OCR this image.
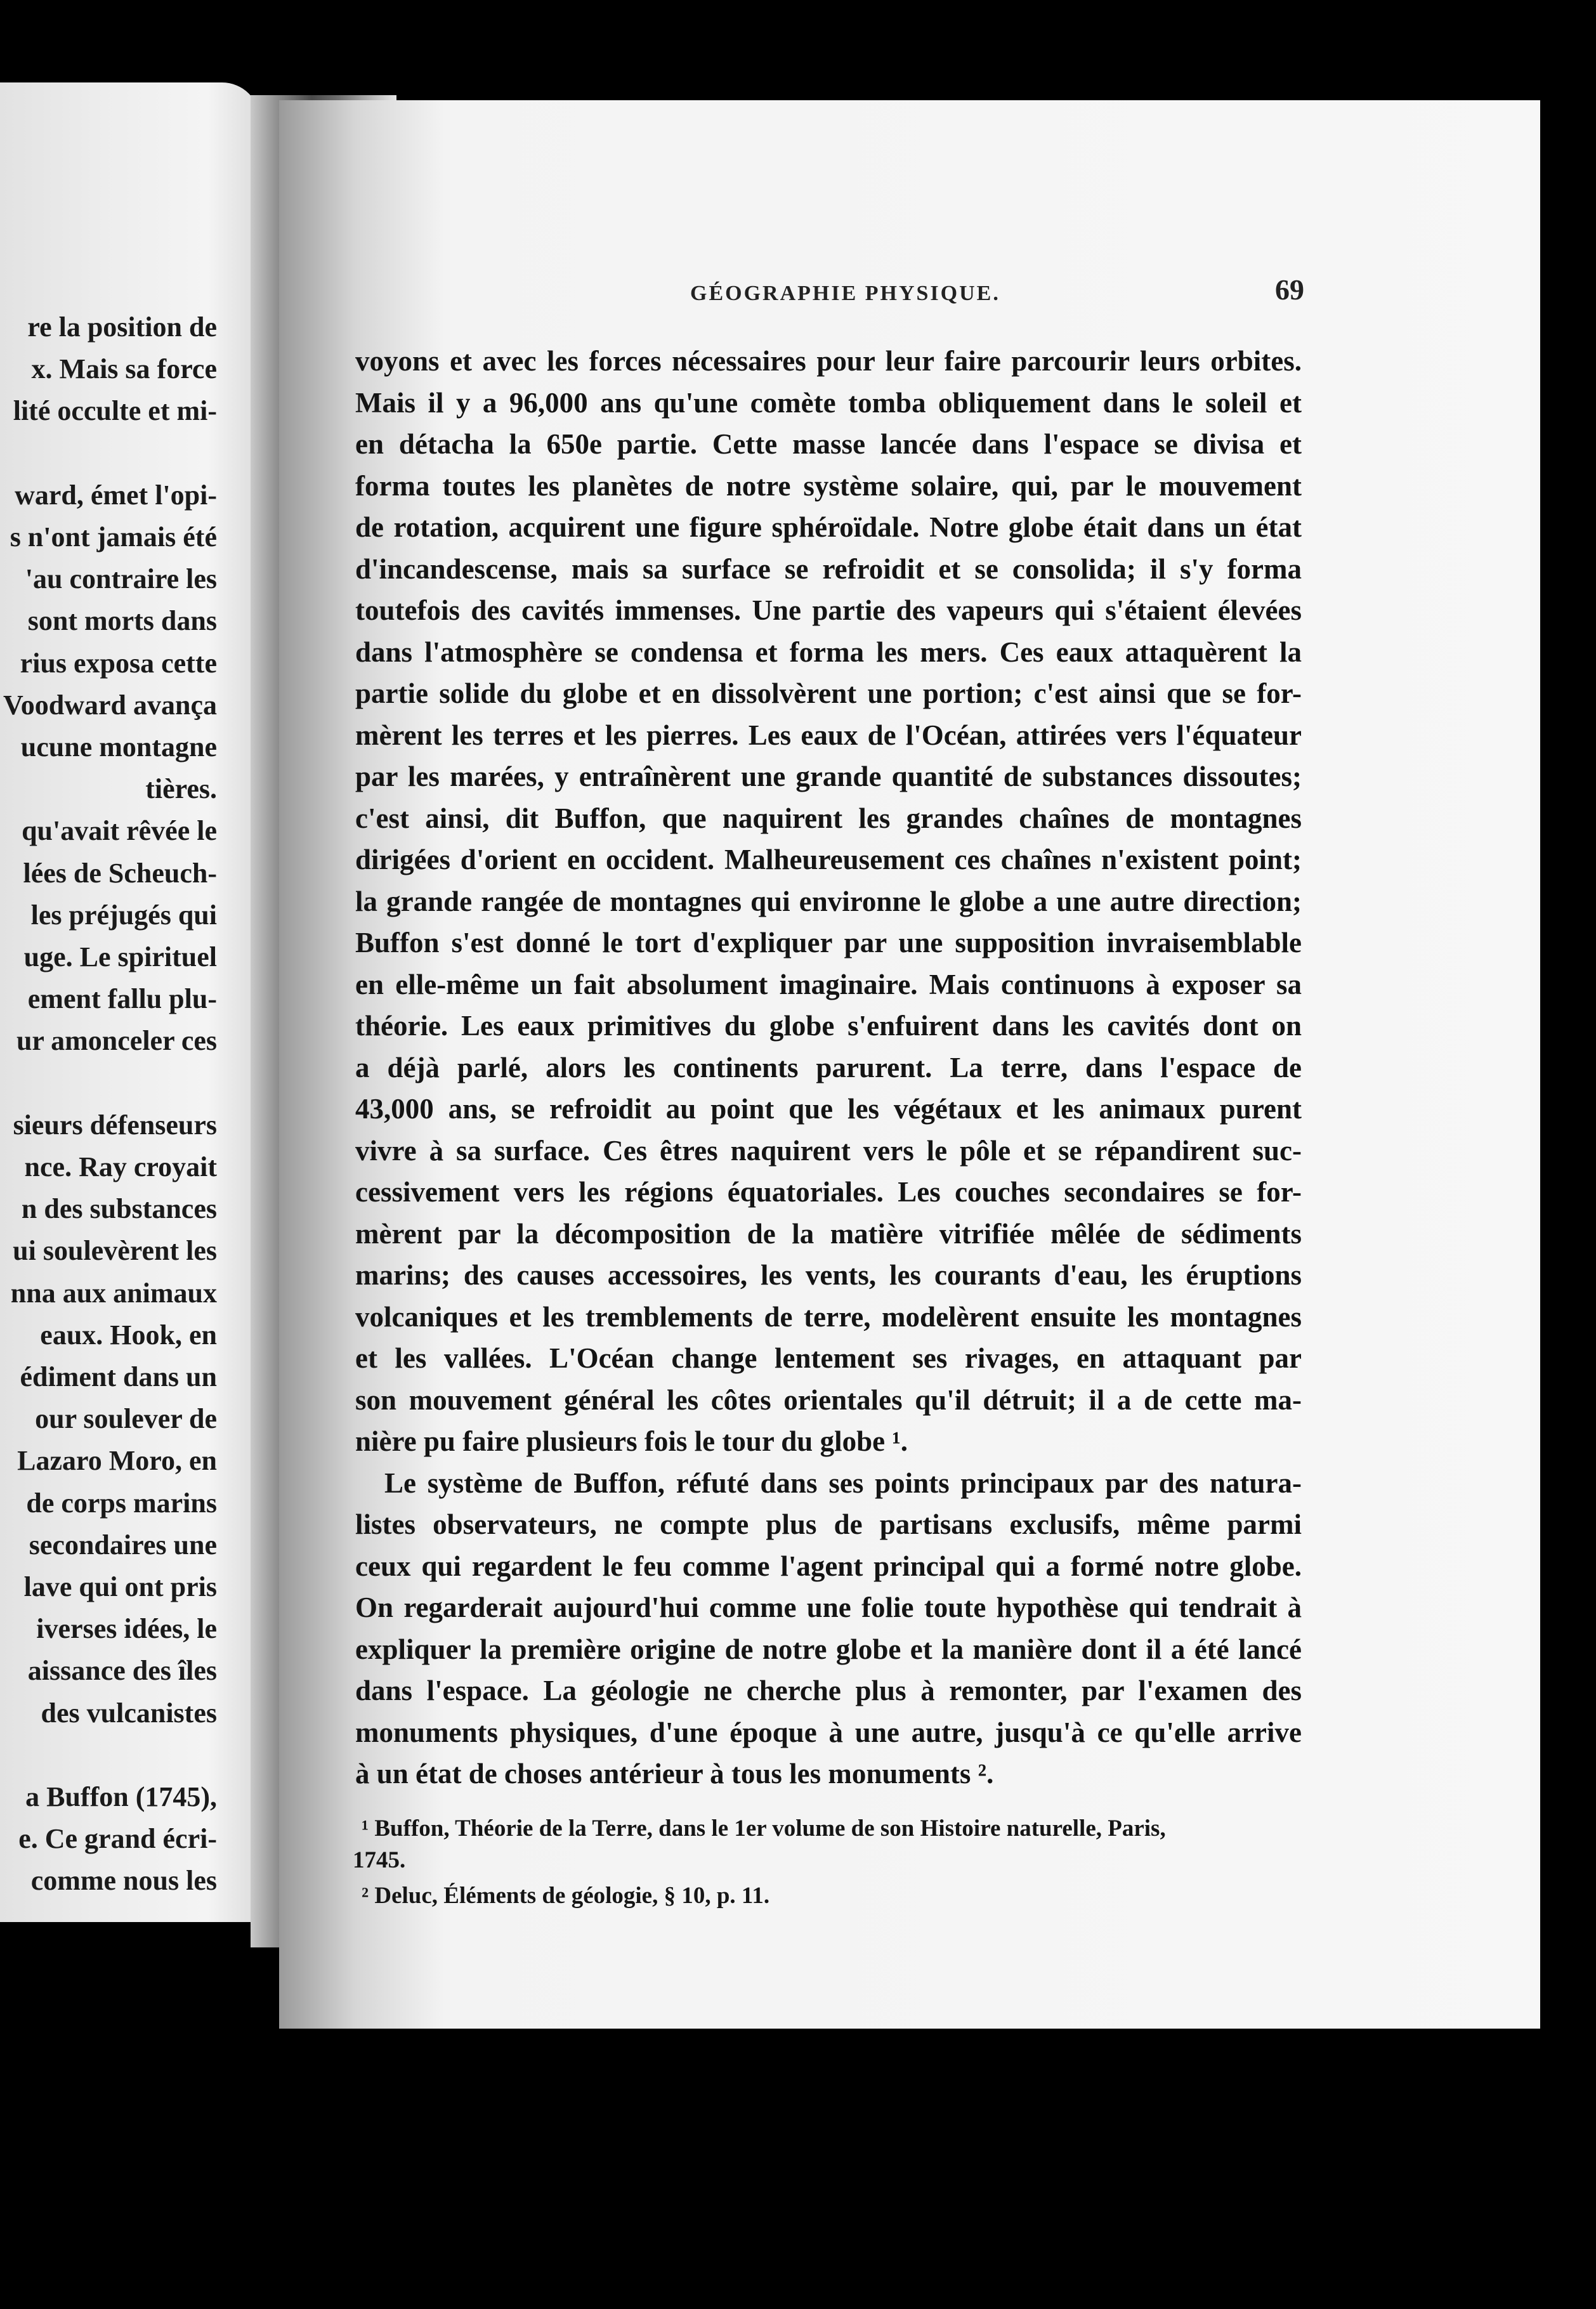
re la position de
x. Mais sa force
lité occulte et mi-
ward, émet l'opi-
s n'ont jamais été
'au contraire les
sont morts dans
rius exposa cette
Voodward avança
ucune montagne
tières.
qu'avait rêvée le
lées de Scheuch-
les préjugés qui
uge. Le spirituel
ement fallu plu-
ur amonceler ces
sieurs défenseurs
nce. Ray croyait
n des substances
ui soulevèrent les
nna aux animaux
eaux. Hook, en
édiment dans un
our soulever de
Lazaro Moro, en
de corps marins
secondaires une
lave qui ont pris
iverses idées, le
aissance des îles
des vulcanistes
a Buffon (1745),
e. Ce grand écri-
comme nous les
GÉOGRAPHIE PHYSIQUE.	69
voyons et avec les forces nécessaires pour leur faire parcourir leurs orbites.
Mais il y a 96,000 ans qu'une comète tomba obliquement dans le soleil et
en détacha la 650e partie. Cette masse lancée dans l'espace se divisa et
forma toutes les planètes de notre système solaire, qui, par le mouvement
de rotation, acquirent une figure sphéroïdale. Notre globe était dans un état
d'incandescense, mais sa surface se refroidit et se consolida; il s'y forma
toutefois des cavités immenses. Une partie des vapeurs qui s'étaient élevées
dans l'atmosphère se condensa et forma les mers. Ces eaux attaquèrent la
partie solide du globe et en dissolvèrent une portion; c'est ainsi que se for-
mèrent les terres et les pierres. Les eaux de l'Océan, attirées vers l'équateur
par les marées, y entraînèrent une grande quantité de substances dissoutes;
c'est ainsi, dit Buffon, que naquirent les grandes chaînes de montagnes
dirigées d'orient en occident. Malheureusement ces chaînes n'existent point;
la grande rangée de montagnes qui environne le globe a une autre direction;
Buffon s'est donné le tort d'expliquer par une supposition invraisemblable
en elle-même un fait absolument imaginaire. Mais continuons à exposer sa
théorie. Les eaux primitives du globe s'enfuirent dans les cavités dont on
a déjà parlé, alors les continents parurent. La terre, dans l'espace de
43,000 ans, se refroidit au point que les végétaux et les animaux purent
vivre à sa surface. Ces êtres naquirent vers le pôle et se répandirent suc-
cessivement vers les régions équatoriales. Les couches secondaires se for-
mèrent par la décomposition de la matière vitrifiée mêlée de sédiments
marins; des causes accessoires, les vents, les courants d'eau, les éruptions
volcaniques et les tremblements de terre, modelèrent ensuite les montagnes
et les vallées. L'Océan change lentement ses rivages, en attaquant par
son mouvement général les côtes orientales qu'il détruit; il a de cette ma-
nière pu faire plusieurs fois le tour du globe ¹.
Le système de Buffon, réfuté dans ses points principaux par des natura-
listes observateurs, ne compte plus de partisans exclusifs, même parmi
ceux qui regardent le feu comme l'agent principal qui a formé notre globe.
On regarderait aujourd'hui comme une folie toute hypothèse qui tendrait à
expliquer la première origine de notre globe et la manière dont il a été lancé
dans l'espace. La géologie ne cherche plus à remonter, par l'examen des
monuments physiques, d'une époque à une autre, jusqu'à ce qu'elle arrive
à un état de choses antérieur à tous les monuments ².
¹ Buffon, Théorie de la Terre, dans le 1er volume de son Histoire naturelle, Paris,
1745.
² Deluc, Éléments de géologie, § 10, p. 11.
